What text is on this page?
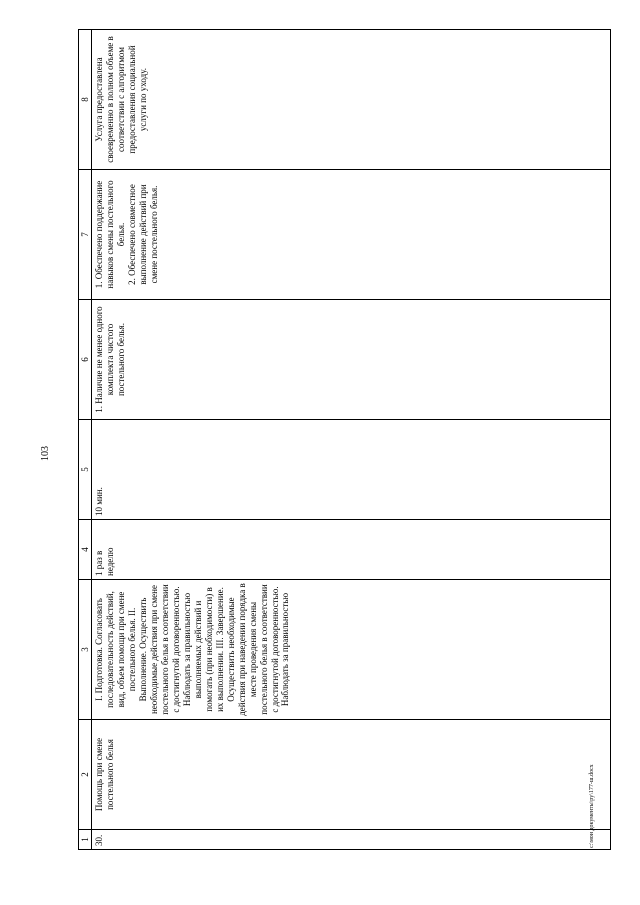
103
c:\мои документы\ру\177-ш.docx
1	2	3	4	5	6	7	8
30.	Помощь при смене постельного белья	I. Подготовка. Согласовать последовательность действий, вид, объем помощи при смене постельного белья. II. Выполнение. Осуществить необходимые действия при смене постельного белья в соответствии с достигнутой договоренностью. Наблюдать за правильностью выполняемых действий и помогать (при необходимости) в их выполнении. III. Завершение. Осуществить необходимые действия при наведении порядка в месте проведения смены постельного белья в соответствии с достигнутой договоренностью. Наблюдать за правильностью	1 раз в неделю	10 мин.	1. Наличие не менее одного комплекта чистого постельного белья.	1. Обеспечено поддержание навыков смены постельного белья. 2. Обеспечено совместное выполнение действий при смене постельного белья.	Услуга предоставлена своевременно в полном объеме в соответствии с алгоритмом предоставления социальной услуги по уходу.
